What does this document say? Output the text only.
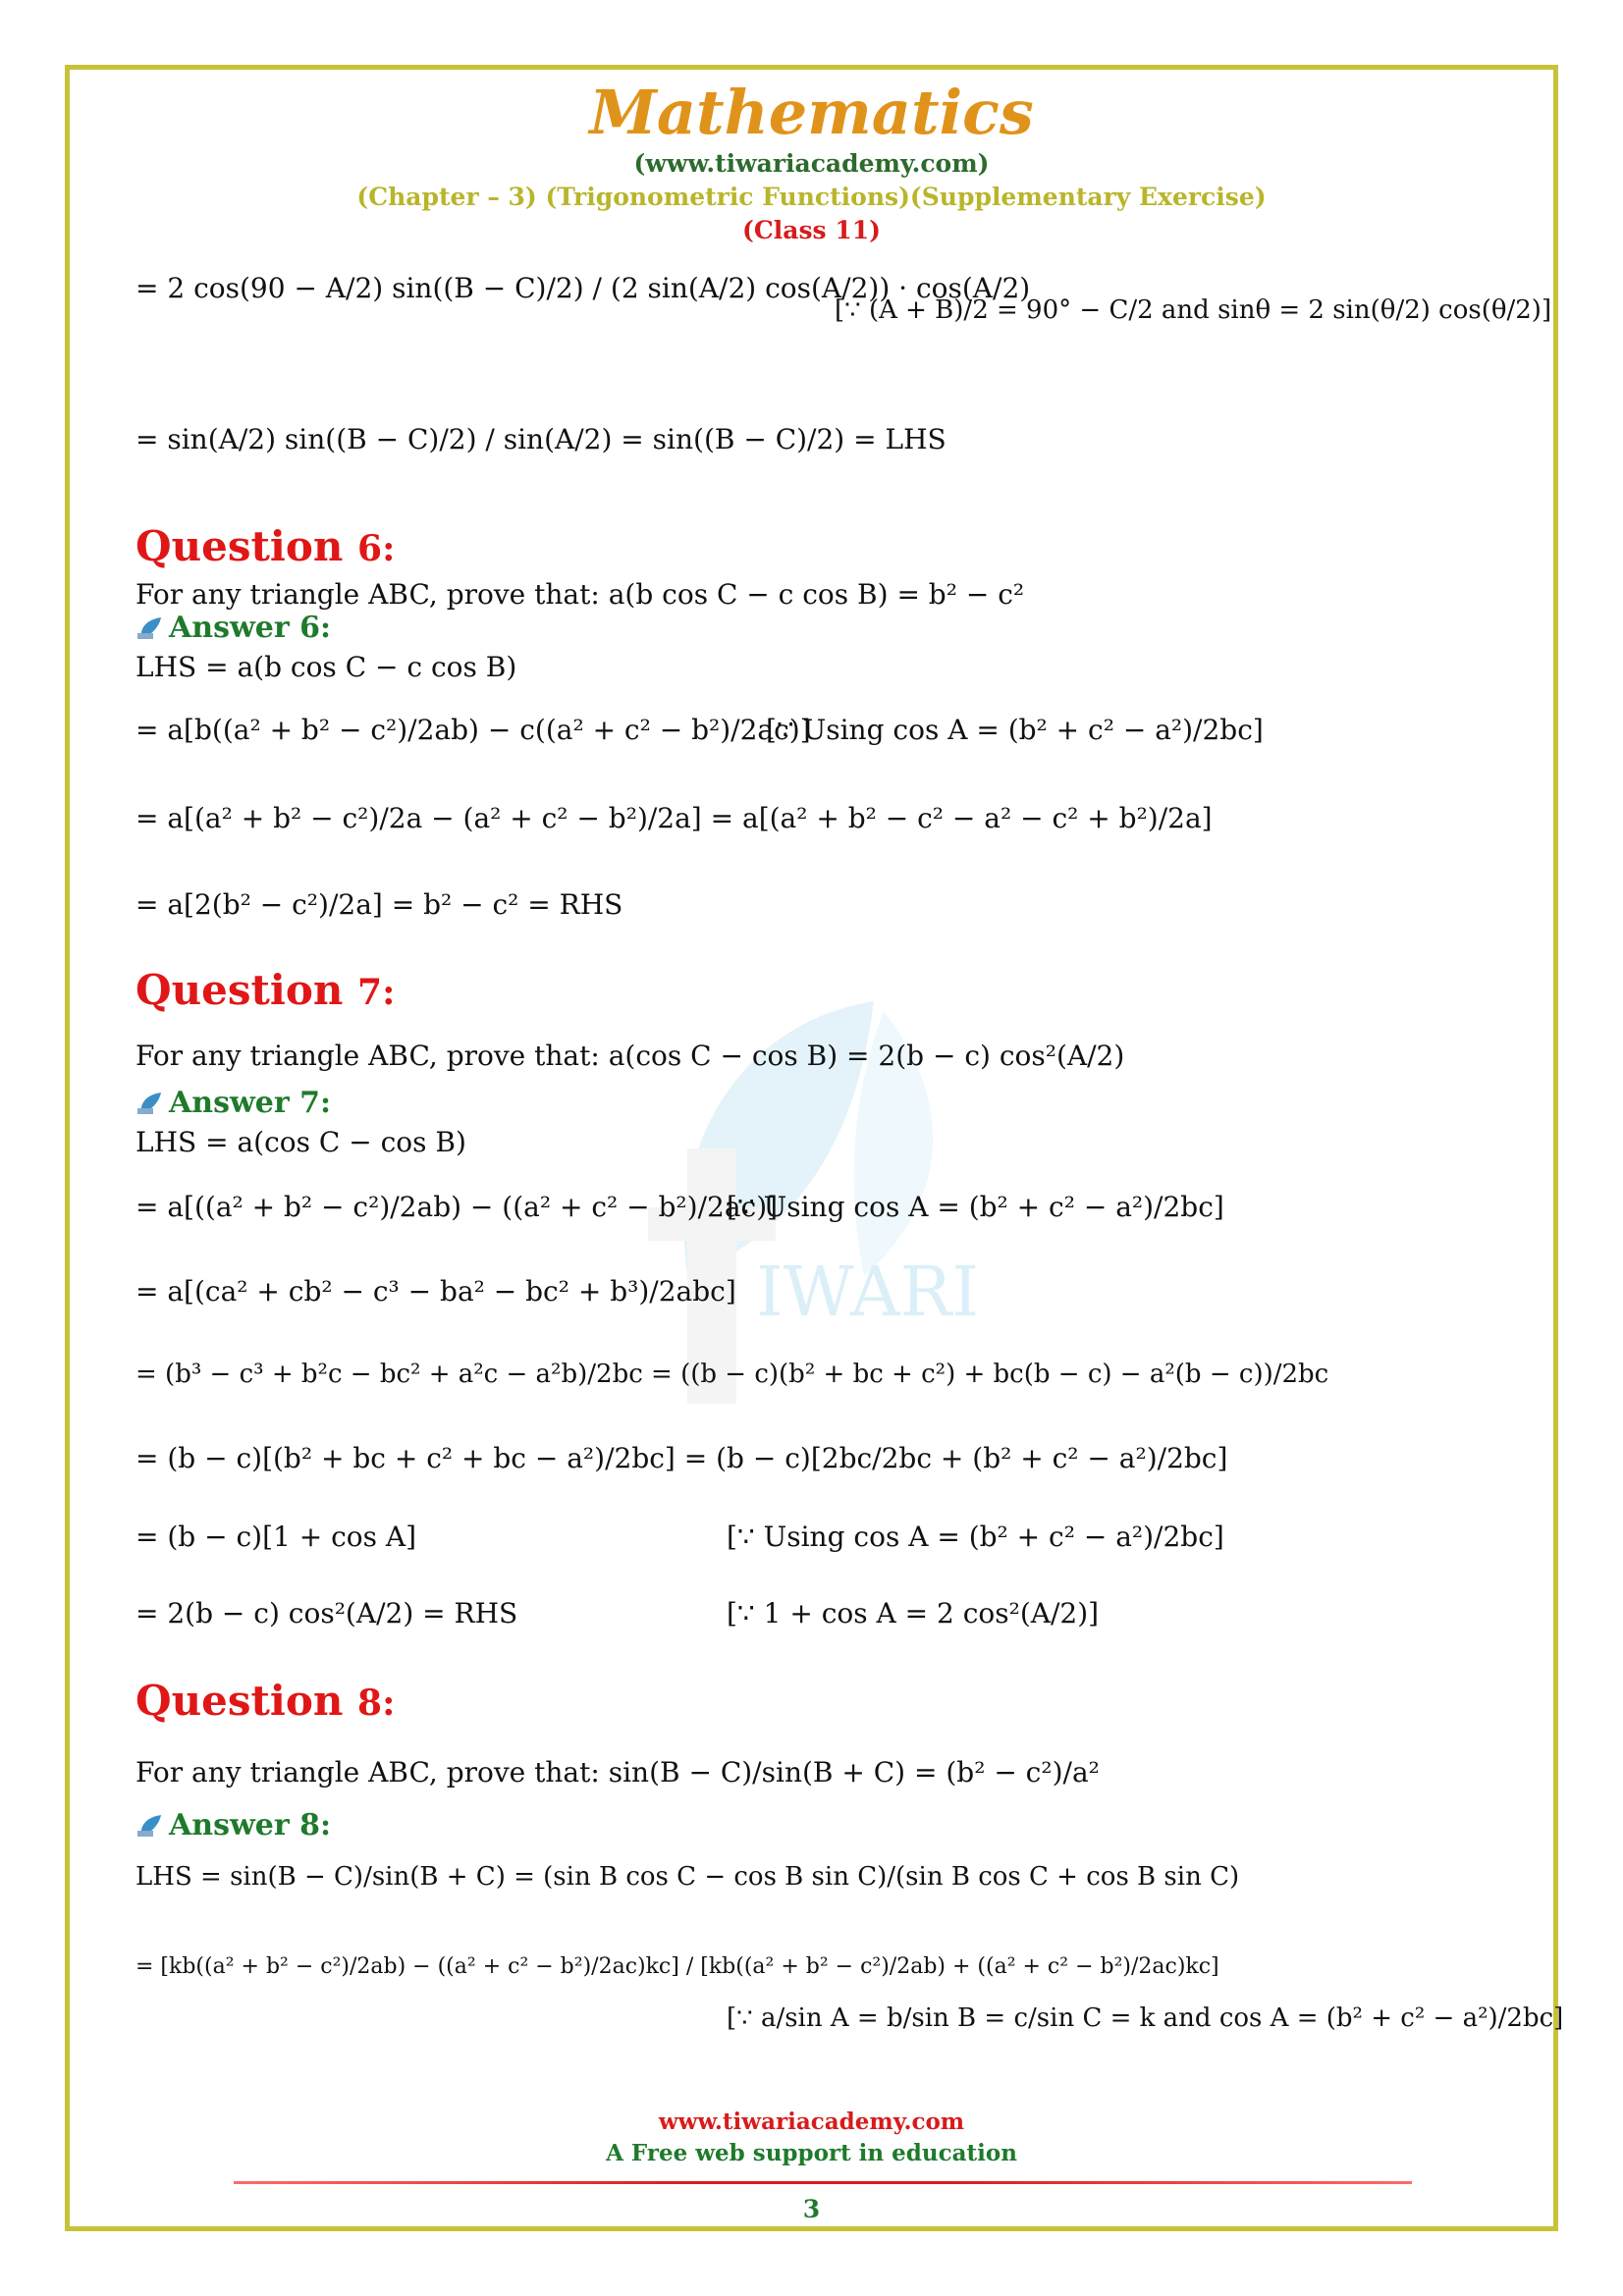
IWARI
Mathematics
(www.tiwariacademy.com)
(Chapter – 3) (Trigonometric Functions)(Supplementary Exercise)
(Class 11)
= 2 cos(90 − A/2) sin((B − C)/2) / (2 sin(A/2) cos(A/2)) · cos(A/2)
[∵ (A + B)/2 = 90° − C/2 and sinθ = 2 sin(θ/2) cos(θ/2)]
= sin(A/2) sin((B − C)/2) / sin(A/2) = sin((B − C)/2) = LHS
Question 6:
For any triangle ABC, prove that: a(b cos C − c cos B) = b² − c²
Answer 6:
LHS = a(b cos C − c cos B)
= a[b((a² + b² − c²)/2ab) − c((a² + c² − b²)/2ac)]
[∵ Using cos A = (b² + c² − a²)/2bc]
= a[(a² + b² − c²)/2a − (a² + c² − b²)/2a] = a[(a² + b² − c² − a² − c² + b²)/2a]
= a[2(b² − c²)/2a] = b² − c² = RHS
Question 7:
For any triangle ABC, prove that: a(cos C − cos B) = 2(b − c) cos²(A/2)
Answer 7:
LHS = a(cos C − cos B)
= a[((a² + b² − c²)/2ab) − ((a² + c² − b²)/2ac)]
[∵ Using cos A = (b² + c² − a²)/2bc]
= a[(ca² + cb² − c³ − ba² − bc² + b³)/2abc]
= (b³ − c³ + b²c − bc² + a²c − a²b)/2bc = ((b − c)(b² + bc + c²) + bc(b − c) − a²(b − c))/2bc
= (b − c)[(b² + bc + c² + bc − a²)/2bc] = (b − c)[2bc/2bc + (b² + c² − a²)/2bc]
= (b − c)[1 + cos A]	[∵ Using cos A = (b² + c² − a²)/2bc]
= 2(b − c) cos²(A/2) = RHS	[∵ 1 + cos A = 2 cos²(A/2)]
Question 8:
For any triangle ABC, prove that: sin(B − C)/sin(B + C) = (b² − c²)/a²
Answer 8:
LHS = sin(B − C)/sin(B + C) = (sin B cos C − cos B sin C)/(sin B cos C + cos B sin C)
= [kb((a² + b² − c²)/2ab) − ((a² + c² − b²)/2ac)kc] / [kb((a² + b² − c²)/2ab) + ((a² + c² − b²)/2ac)kc]
[∵ a/sin A = b/sin B = c/sin C = k and cos A = (b² + c² − a²)/2bc]
www.tiwariacademy.com
A Free web support in education
3
